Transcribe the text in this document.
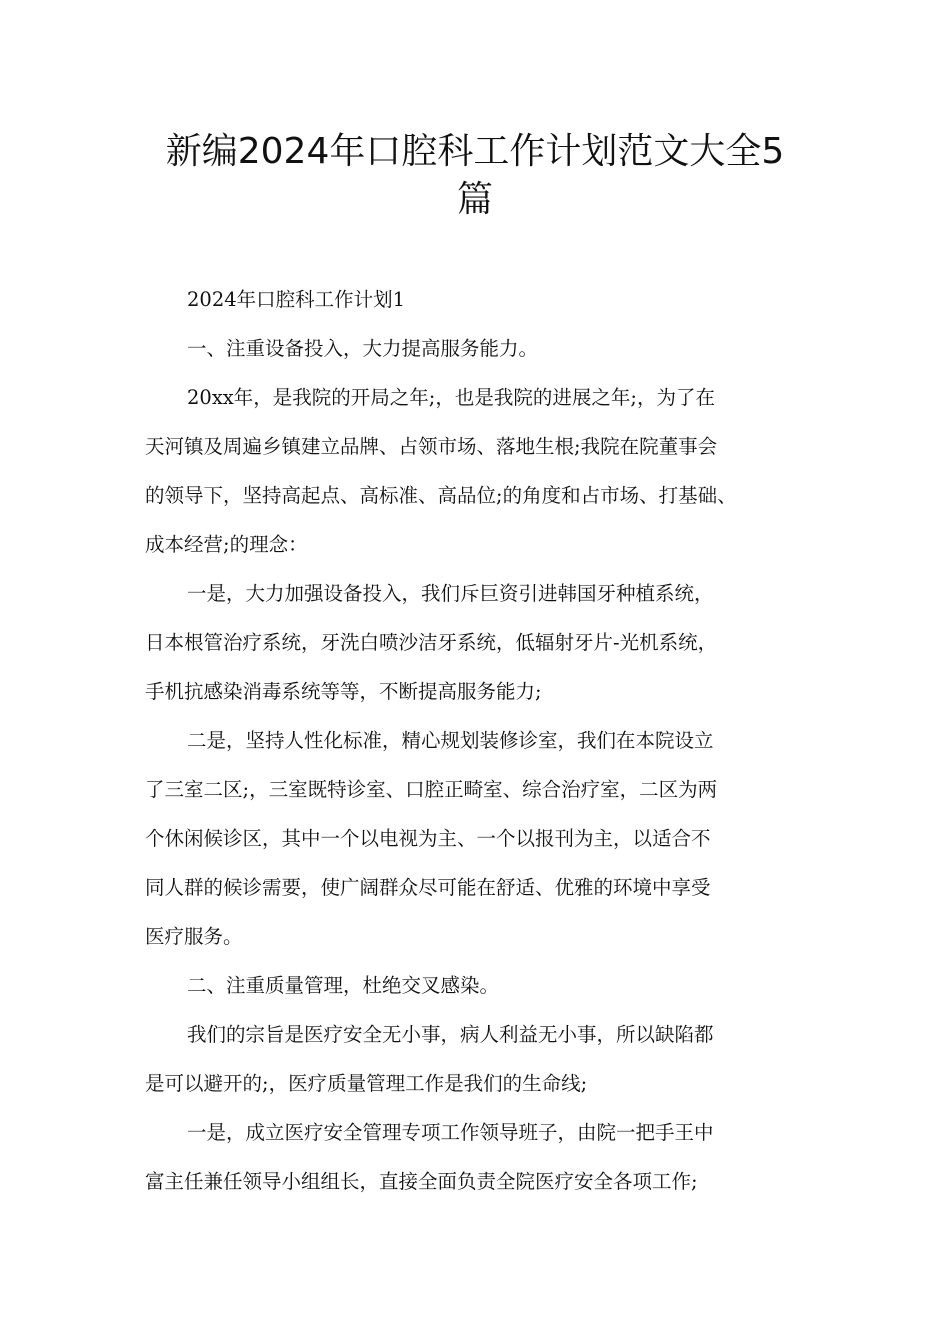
新编2024年口腔科工作计划范文大全5
篇

2024年口腔科工作计划1

一、注重设备投入，大力提高服务能力。

20xx年，是我院的开局之年;，也是我院的进展之年;，为了在
天河镇及周遍乡镇建立品牌、占领市场、落地生根;我院在院董事会
的领导下，坚持高起点、高标准、高品位;的角度和占市场、打基础、
成本经营;的理念：

一是，大力加强设备投入，我们斥巨资引进韩国牙种植系统，
日本根管治疗系统，牙洗白喷沙洁牙系统，低辐射牙片-光机系统，
手机抗感染消毒系统等等，不断提高服务能力;

二是，坚持人性化标准，精心规划装修诊室，我们在本院设立
了三室二区;，三室既特诊室、口腔正畸室、综合治疗室，二区为两
个休闲候诊区，其中一个以电视为主、一个以报刊为主，以适合不
同人群的候诊需要，使广阔群众尽可能在舒适、优雅的环境中享受
医疗服务。

二、注重质量管理，杜绝交叉感染。

我们的宗旨是医疗安全无小事，病人利益无小事，所以缺陷都
是可以避开的;，医疗质量管理工作是我们的生命线;

一是，成立医疗安全管理专项工作领导班子，由院一把手王中
富主任兼任领导小组组长，直接全面负责全院医疗安全各项工作;
